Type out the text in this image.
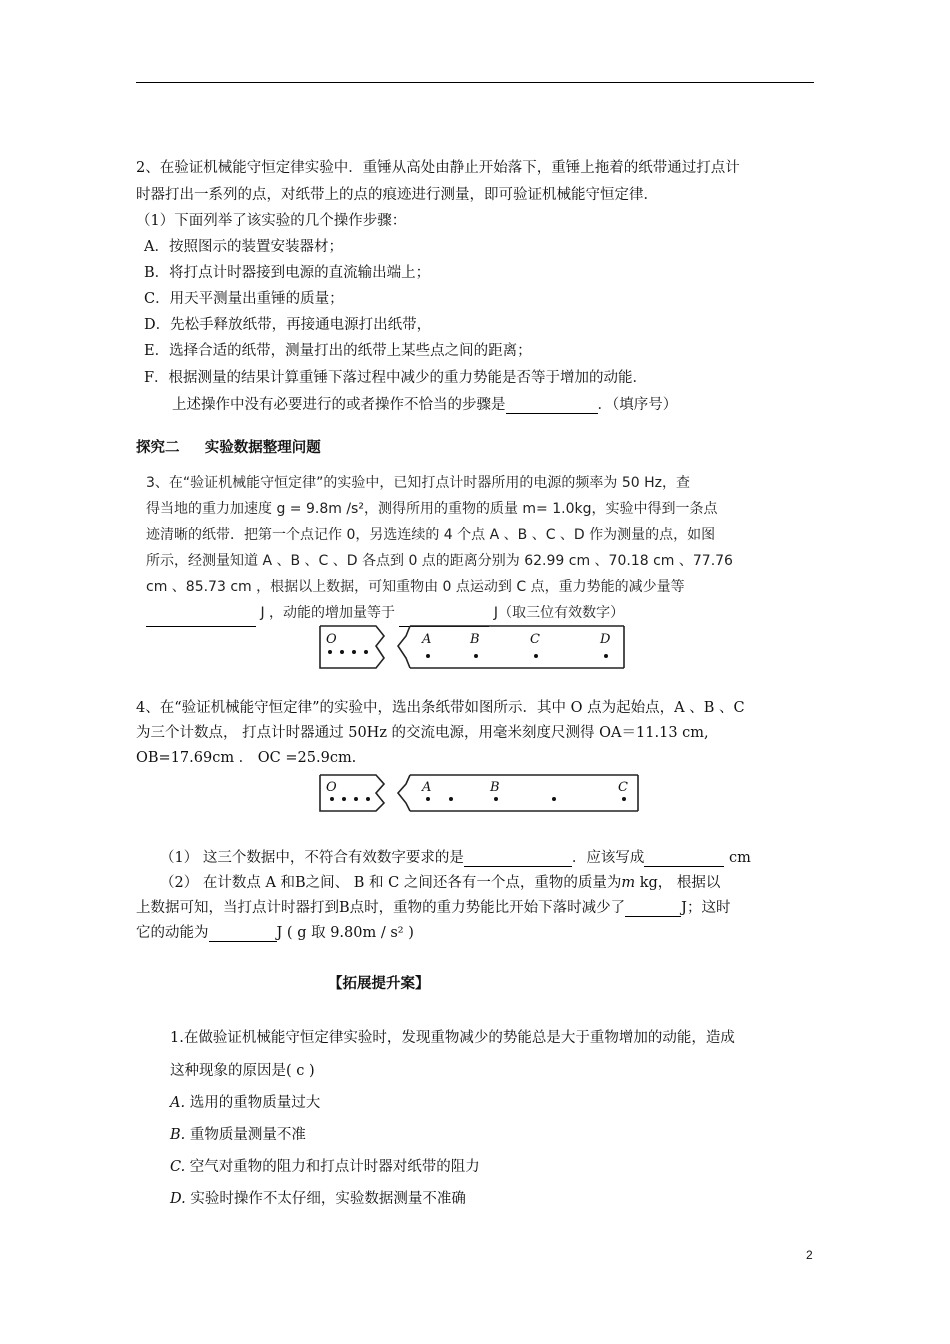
2、在验证机械能守恒定律实验中．重锤从高处由静止开始落下，重锤上拖着的纸带通过打点计
时器打出一系列的点，对纸带上的点的痕迹进行测量，即可验证机械能守恒定律．
（1）下面列举了该实验的几个操作步骤：
A．按照图示的装置安装器材；
B．将打点计时器接到电源的直流输出端上；
C．用天平测量出重锤的质量；
D．先松手释放纸带，再接通电源打出纸带，
E．选择合适的纸带，测量打出的纸带上某些点之间的距离；
F．根据测量的结果计算重锤下落过程中减少的重力势能是否等于增加的动能．
上述操作中没有必要进行的或者操作不恰当的步骤是	．（填序号）
探究二 实验数据整理问题
3、在“验证机械能守恒定律”的实验中，已知打点计时器所用的电源的频率为 50 Hz，查
得当地的重力加速度 g = 9.8m /s²，测得所用的重物的质量 m= 1.0kg，实验中得到一条点
迹清晰的纸带．把第一个点记作 0，另选连续的 4 个点 A 、B 、C 、D 作为测量的点，如图
所示，经测量知道 A 、B 、C 、D 各点到 0 点的距离分别为 62.99 cm 、70.18 cm 、77.76
cm 、85.73 cm ，根据以上数据，可知重物由 0 点运动到 C 点，重力势能的减少量等
J ，动能的增加量等于	J（取三位有效数字）
O	A	B	C	D
4、在“验证机械能守恒定律”的实验中，选出条纸带如图所示．其中 O 点为起始点，A 、B 、C
为三个计数点， 打点计时器通过 50Hz 的交流电源，用毫米刻度尺测得 OA＝11.13 cm,
OB=17.69cm ． OC =25.9cm.
O	A	B	C
（1） 这三个数据中，不符合有效数字要求的是	．应该写成	cm
（2） 在计数点 A 和B之间、 B 和 C 之间还各有一个点，重物的质量为m kg， 根据以
上数据可知，当打点计时器打到B点时，重物的重力势能比开始下落时减少了	J；这时
它的动能为	J ( g 取 9.80m / s² )
【拓展提升案】
1.在做验证机械能守恒定律实验时，发现重物减少的势能总是大于重物增加的动能，造成
这种现象的原因是( c )
A. 选用的重物质量过大
B. 重物质量测量不准
C. 空气对重物的阻力和打点计时器对纸带的阻力
D. 实验时操作不太仔细，实验数据测量不准确
2
